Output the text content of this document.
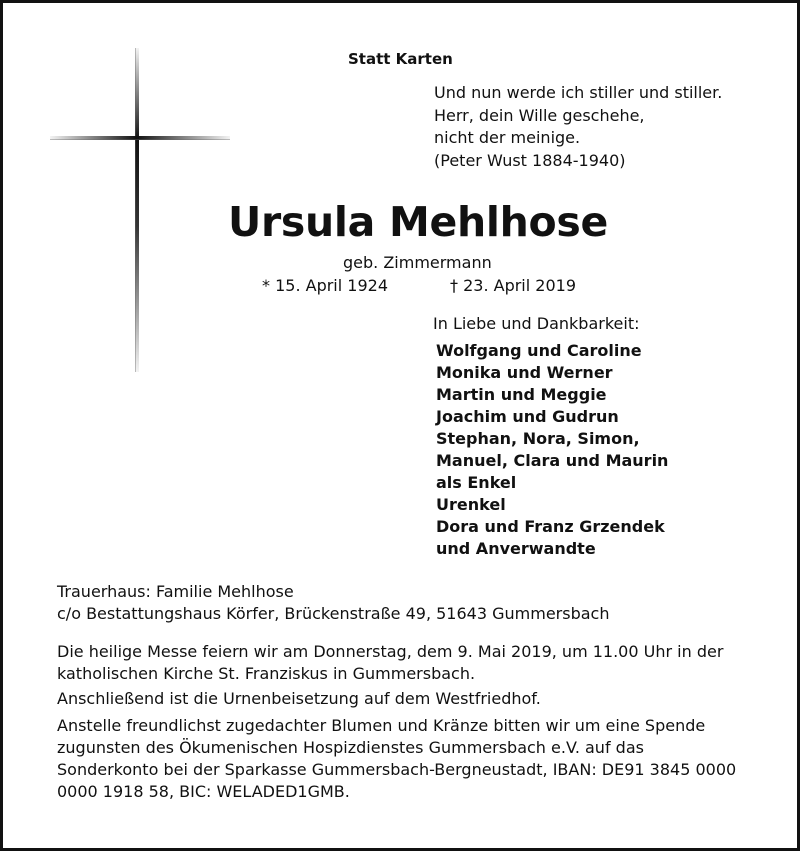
Statt Karten
Und nun werde ich stiller und stiller.
Herr, dein Wille geschehe,
nicht der meinige.
(Peter Wust 1884-1940)
Ursula Mehlhose
geb. Zimmermann
* 15. April 1924	† 23. April 2019
In Liebe und Dankbarkeit:
Wolfgang und Caroline
Monika und Werner
Martin und Meggie
Joachim und Gudrun
Stephan, Nora, Simon,
Manuel, Clara und Maurin
als Enkel
Urenkel
Dora und Franz Grzendek
und Anverwandte
Trauerhaus: Familie Mehlhose
c/o Bestattungshaus Körfer, Brückenstraße 49, 51643 Gummersbach
Die heilige Messe feiern wir am Donnerstag, dem 9. Mai 2019, um 11.00 Uhr in der katholischen Kirche St. Franziskus in Gummersbach.
Anschließend ist die Urnenbeisetzung auf dem Westfriedhof.
Anstelle freundlichst zugedachter Blumen und Kränze bitten wir um eine Spende zugunsten des Ökumenischen Hospizdienstes Gummersbach e.V. auf das Sonderkonto bei der Sparkasse Gummersbach-Bergneustadt, IBAN: DE91 3845 0000 0000 1918 58, BIC: WELADED1GMB.
